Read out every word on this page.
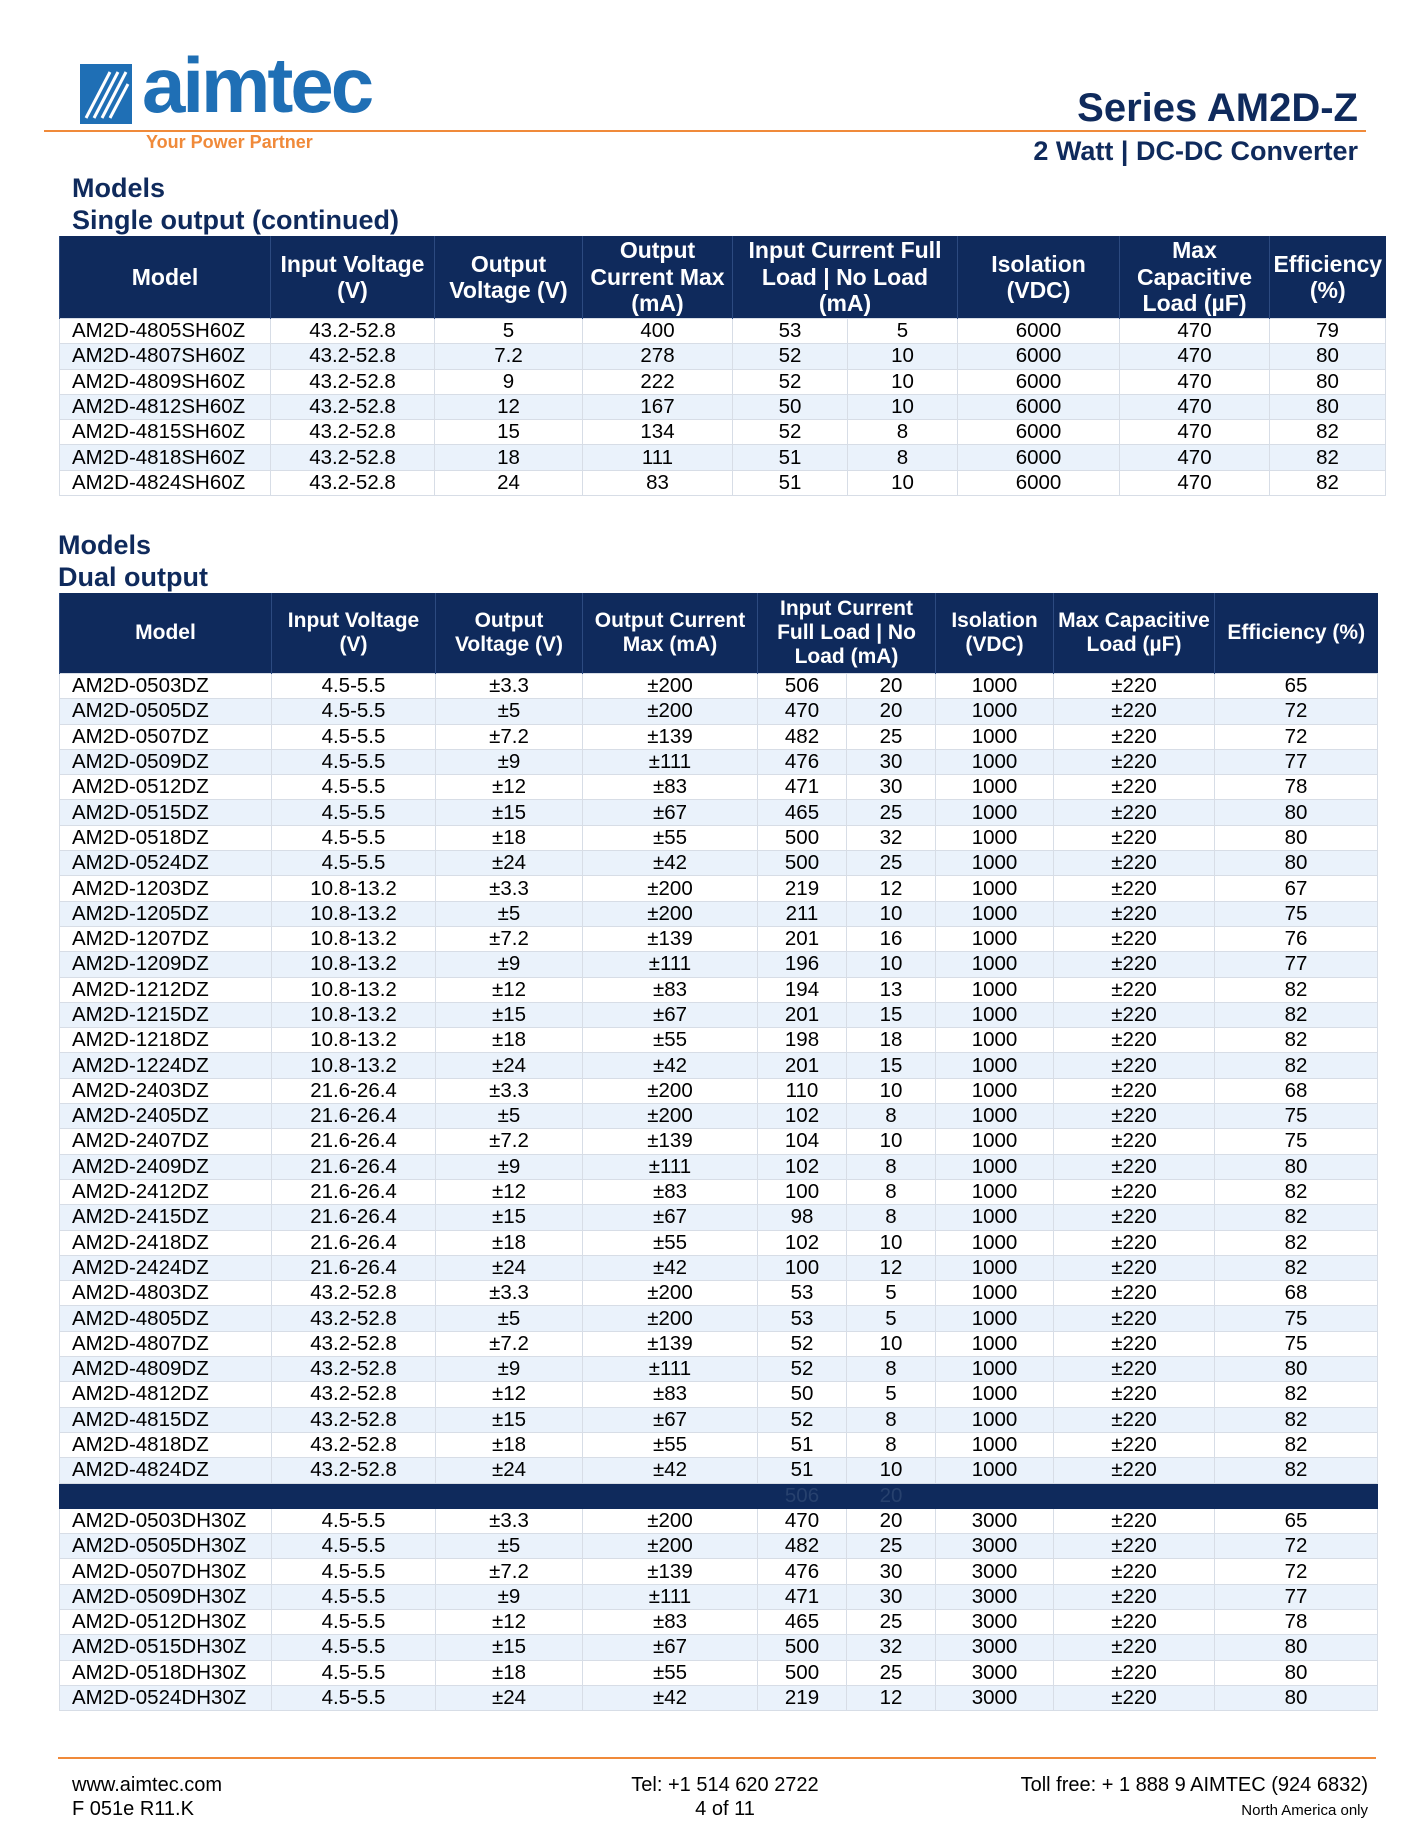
aimtec
Your Power Partner
Series AM2D-Z
2 Watt | DC-DC Converter
Models
Single output (continued)
Model	Input Voltage (V)	Output Voltage (V)	Output Current Max (mA)	Input Current Full Load | No Load (mA)		Isolation (VDC)	Max Capacitive Load (µF)	Efficiency (%)
AM2D-4805SH60Z	43.2-52.8	5	400	53	5	6000	470	79
AM2D-4807SH60Z	43.2-52.8	7.2	278	52	10	6000	470	80
AM2D-4809SH60Z	43.2-52.8	9	222	52	10	6000	470	80
AM2D-4812SH60Z	43.2-52.8	12	167	50	10	6000	470	80
AM2D-4815SH60Z	43.2-52.8	15	134	52	8	6000	470	82
AM2D-4818SH60Z	43.2-52.8	18	111	51	8	6000	470	82
AM2D-4824SH60Z	43.2-52.8	24	83	51	10	6000	470	82
Models
Dual output
Model	Input Voltage (V)	Output Voltage (V)	Output Current Max (mA)	Input Current Full Load | No Load (mA)		Isolation (VDC)	Max Capacitive Load (µF)	Efficiency (%)
AM2D-0503DZ	4.5-5.5	±3.3	±200	506	20	1000	±220	65
AM2D-0505DZ	4.5-5.5	±5	±200	470	20	1000	±220	72
AM2D-0507DZ	4.5-5.5	±7.2	±139	482	25	1000	±220	72
AM2D-0509DZ	4.5-5.5	±9	±111	476	30	1000	±220	77
AM2D-0512DZ	4.5-5.5	±12	±83	471	30	1000	±220	78
AM2D-0515DZ	4.5-5.5	±15	±67	465	25	1000	±220	80
AM2D-0518DZ	4.5-5.5	±18	±55	500	32	1000	±220	80
AM2D-0524DZ	4.5-5.5	±24	±42	500	25	1000	±220	80
AM2D-1203DZ	10.8-13.2	±3.3	±200	219	12	1000	±220	67
AM2D-1205DZ	10.8-13.2	±5	±200	211	10	1000	±220	75
AM2D-1207DZ	10.8-13.2	±7.2	±139	201	16	1000	±220	76
AM2D-1209DZ	10.8-13.2	±9	±111	196	10	1000	±220	77
AM2D-1212DZ	10.8-13.2	±12	±83	194	13	1000	±220	82
AM2D-1215DZ	10.8-13.2	±15	±67	201	15	1000	±220	82
AM2D-1218DZ	10.8-13.2	±18	±55	198	18	1000	±220	82
AM2D-1224DZ	10.8-13.2	±24	±42	201	15	1000	±220	82
AM2D-2403DZ	21.6-26.4	±3.3	±200	110	10	1000	±220	68
AM2D-2405DZ	21.6-26.4	±5	±200	102	8	1000	±220	75
AM2D-2407DZ	21.6-26.4	±7.2	±139	104	10	1000	±220	75
AM2D-2409DZ	21.6-26.4	±9	±111	102	8	1000	±220	80
AM2D-2412DZ	21.6-26.4	±12	±83	100	8	1000	±220	82
AM2D-2415DZ	21.6-26.4	±15	±67	98	8	1000	±220	82
AM2D-2418DZ	21.6-26.4	±18	±55	102	10	1000	±220	82
AM2D-2424DZ	21.6-26.4	±24	±42	100	12	1000	±220	82
AM2D-4803DZ	43.2-52.8	±3.3	±200	53	5	1000	±220	68
AM2D-4805DZ	43.2-52.8	±5	±200	53	5	1000	±220	75
AM2D-4807DZ	43.2-52.8	±7.2	±139	52	10	1000	±220	75
AM2D-4809DZ	43.2-52.8	±9	±111	52	8	1000	±220	80
AM2D-4812DZ	43.2-52.8	±12	±83	50	5	1000	±220	82
AM2D-4815DZ	43.2-52.8	±15	±67	52	8	1000	±220	82
AM2D-4818DZ	43.2-52.8	±18	±55	51	8	1000	±220	82
AM2D-4824DZ	43.2-52.8	±24	±42	51	10	1000	±220	82
				506	20			
AM2D-0503DH30Z	4.5-5.5	±3.3	±200	470	20	3000	±220	65
AM2D-0505DH30Z	4.5-5.5	±5	±200	482	25	3000	±220	72
AM2D-0507DH30Z	4.5-5.5	±7.2	±139	476	30	3000	±220	72
AM2D-0509DH30Z	4.5-5.5	±9	±111	471	30	3000	±220	77
AM2D-0512DH30Z	4.5-5.5	±12	±83	465	25	3000	±220	78
AM2D-0515DH30Z	4.5-5.5	±15	±67	500	32	3000	±220	80
AM2D-0518DH30Z	4.5-5.5	±18	±55	500	25	3000	±220	80
AM2D-0524DH30Z	4.5-5.5	±24	±42	219	12	3000	±220	80
www.aimtec.com
F 051e R11.K
Tel: +1 514 620 2722
4 of 11
Toll free: + 1 888 9 AIMTEC (924 6832)
North America only
